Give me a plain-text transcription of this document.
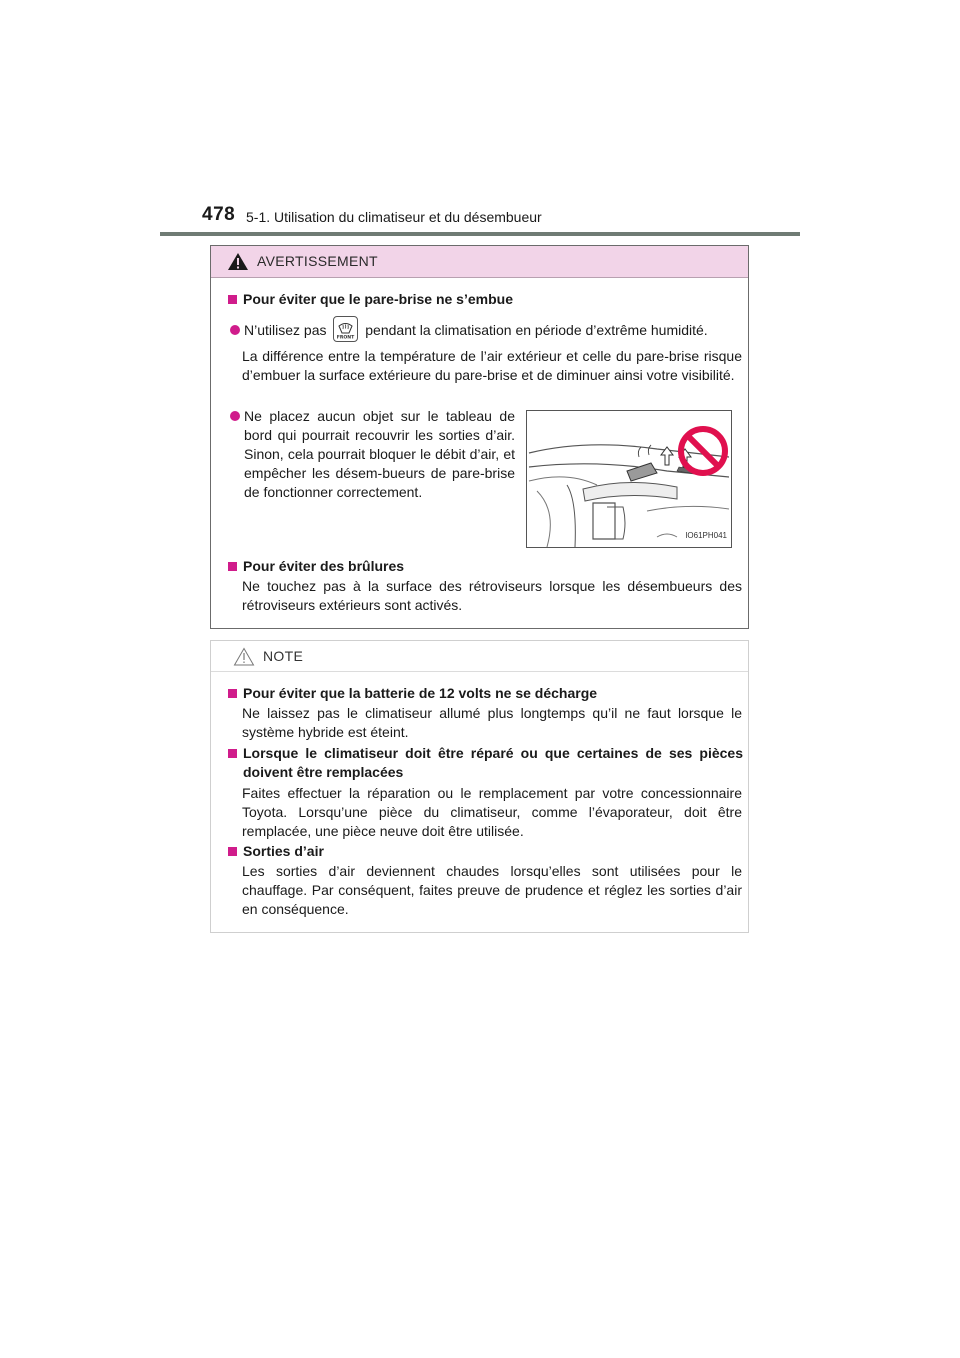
478 5-1. Utilisation du climatiseur et du désembueur
AVERTISSEMENT
Pour éviter que le pare-brise ne s’embue
N’utilisez pas FRONT pendant la climatisation en période d’extrême humidité.
La différence entre la température de l’air extérieur et celle du pare-brise risque d’embuer la surface extérieure du pare-brise et de diminuer ainsi votre visibilité.
Ne placez aucun objet sur le tableau de bord qui pourrait recouvrir les sorties d’air. Sinon, cela pourrait bloquer le débit d’air, et empêcher les désem-bueurs de pare-brise de fonctionner correctement.
IO61PH041
Pour éviter des brûlures
Ne touchez pas à la surface des rétroviseurs lorsque les désembueurs des rétroviseurs extérieurs sont activés.
NOTE
Pour éviter que la batterie de 12 volts ne se décharge
Ne laissez pas le climatiseur allumé plus longtemps qu’il ne faut lorsque le système hybride est éteint.
Lorsque le climatiseur doit être réparé ou que certaines de ses pièces doivent être remplacées
Faites effectuer la réparation ou le remplacement par votre concessionnaire Toyota. Lorsqu’une pièce du climatiseur, comme l’évaporateur, doit être remplacée, une pièce neuve doit être utilisée.
Sorties d’air
Les sorties d’air deviennent chaudes lorsqu’elles sont utilisées pour le chauffage. Par conséquent, faites preuve de prudence et réglez les sorties d’air en conséquence.
